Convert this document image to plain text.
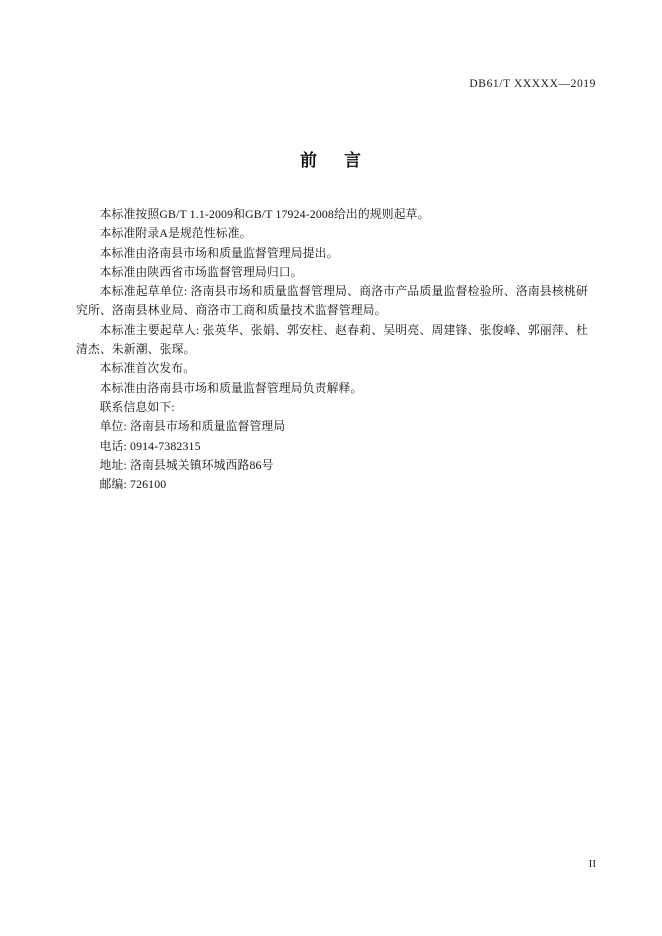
DB61/T XXXXX—2019
前 言

本标准按照GB/T 1.1-2009和GB/T 17924-2008给出的规则起草。

本标准附录A是规范性标准。

本标准由洛南县市场和质量监督管理局提出。

本标准由陕西省市场监督管理局归口。

本标准起草单位: 洛南县市场和质量监督管理局、商洛市产品质量监督检验所、洛南县核桃研究所、洛南县林业局、商洛市工商和质量技术监督管理局。

本标准主要起草人: 张英华、张娟、郭安柱、赵春莉、吴明亮、周建锋、张俊峰、郭丽萍、杜清杰、朱新潮、张琛。

本标准首次发布。

本标准由洛南县市场和质量监督管理局负责解释。

联系信息如下:

单位: 洛南县市场和质量监督管理局

电话: 0914-7382315

地址: 洛南县城关镇环城西路86号

邮编: 726100

II
